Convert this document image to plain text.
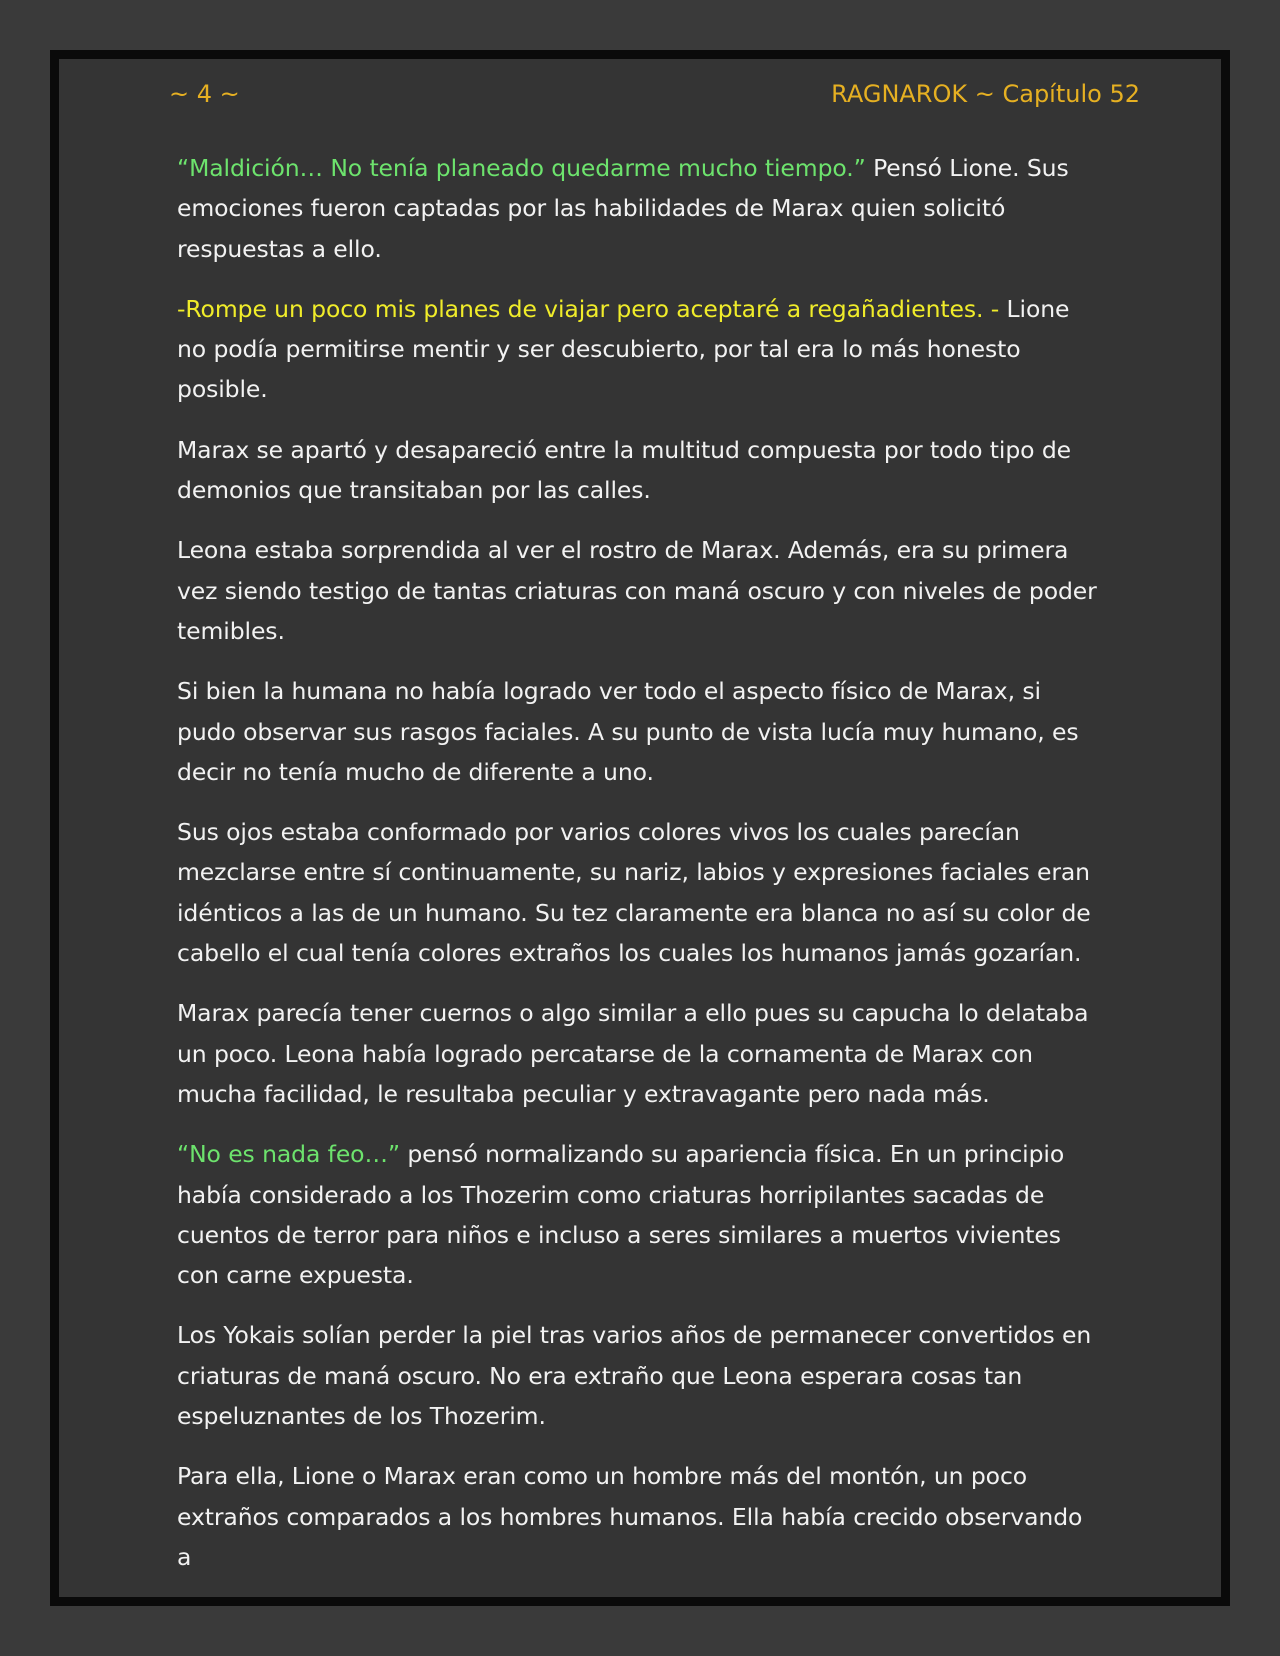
~ 4 ~	RAGNAROK ~ Capítulo 52

“Maldición… No tenía planeado quedarme mucho tiempo.” Pensó Lione. Sus emociones fueron captadas por las habilidades de Marax quien solicitó respuestas a ello.

-Rompe un poco mis planes de viajar pero aceptaré a regañadientes. - Lione no podía permitirse mentir y ser descubierto, por tal era lo más honesto posible.

Marax se apartó y desapareció entre la multitud compuesta por todo tipo de demonios que transitaban por las calles.

Leona estaba sorprendida al ver el rostro de Marax. Además, era su primera vez siendo testigo de tantas criaturas con maná oscuro y con niveles de poder temibles.

Si bien la humana no había logrado ver todo el aspecto físico de Marax, si pudo observar sus rasgos faciales. A su punto de vista lucía muy humano, es decir no tenía mucho de diferente a uno.

Sus ojos estaba conformado por varios colores vivos los cuales parecían mezclarse entre sí continuamente, su nariz, labios y expresiones faciales eran idénticos a las de un humano. Su tez claramente era blanca no así su color de cabello el cual tenía colores extraños los cuales los humanos jamás gozarían.

Marax parecía tener cuernos o algo similar a ello pues su capucha lo delataba un poco. Leona había logrado percatarse de la cornamenta de Marax con mucha facilidad, le resultaba peculiar y extravagante pero nada más.

“No es nada feo…” pensó normalizando su apariencia física. En un principio había considerado a los Thozerim como criaturas horripilantes sacadas de cuentos de terror para niños e incluso a seres similares a muertos vivientes con carne expuesta.

Los Yokais solían perder la piel tras varios años de permanecer convertidos en criaturas de maná oscuro. No era extraño que Leona esperara cosas tan espeluznantes de los Thozerim.

Para ella, Lione o Marax eran como un hombre más del montón, un poco extraños comparados a los hombres humanos. Ella había crecido observando a
